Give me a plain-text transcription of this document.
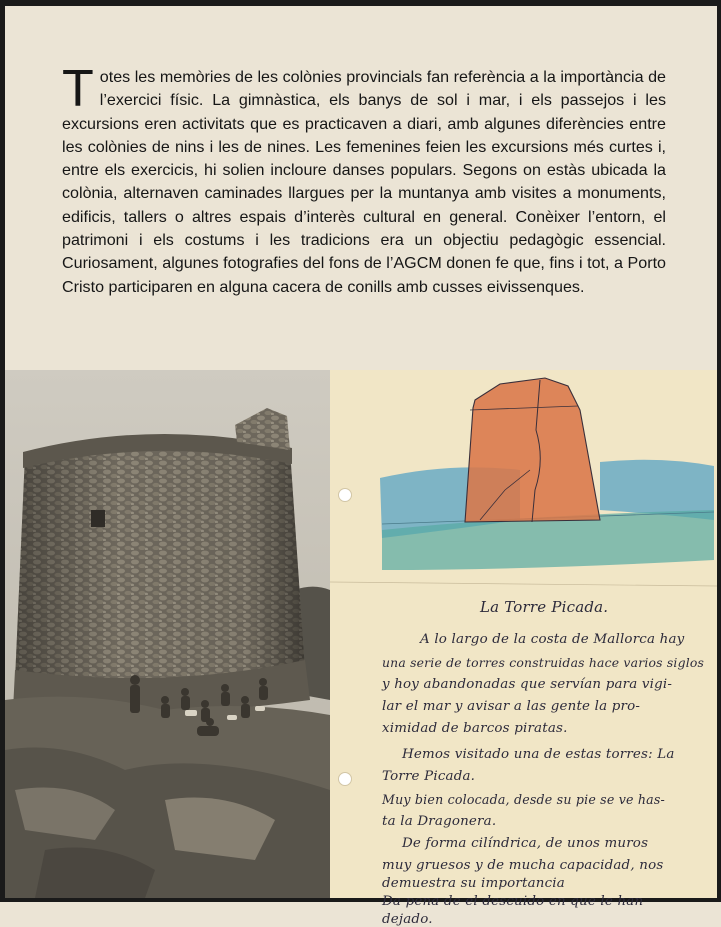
T otes les memòries de les colònies provincials fan referència a la importància de l’exercici físic. La gimnàstica, els banys de sol i mar, i els passejos i les excursions eren activitats que es practicaven a diari, amb algunes diferències entre les colònies de nins i les de nines. Les femenines feien les excursions més curtes i, entre els exercicis, hi solien incloure danses populars. Segons on estàs ubicada la colònia, alternaven caminades llargues per la muntanya amb visites a monuments, edificis, tallers o altres espais d’interès cultural en general. Conèixer l’entorn, el patrimoni i els costums i les tradicions era un objectiu pedagògic essencial. Curiosament, algunes fotografies del fons de l’AGCM donen fe que, fins i tot, a Porto Cristo participaren en alguna cacera de conills amb cusses eivissenques.
La Torre Picada.
A lo largo de la costa de Mallorca hay
una serie de torres construidas hace varios siglos
y hoy abandonadas que servían para vigi-
lar el mar y avisar a las gente la pro-
ximidad de barcos piratas.
Hemos visitado una de estas torres: La
Torre Picada.
Muy bien colocada, desde su pie se ve has-
ta la Dragonera.
De forma cilíndrica, de unos muros
muy gruesos y de mucha capacidad, nos
demuestra su importancia
Da pena de el descuido en que le han
dejado.
